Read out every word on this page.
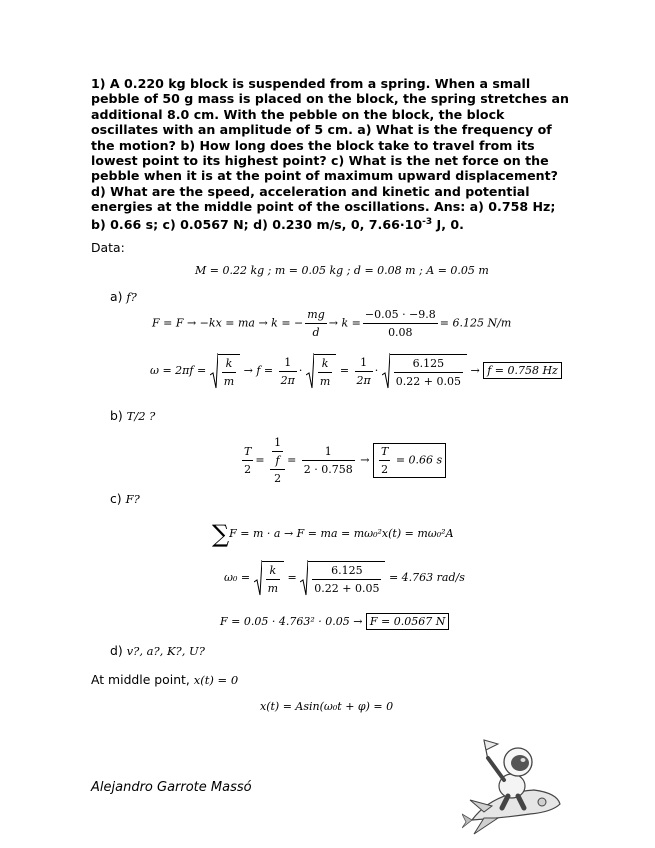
1) A 0.220 kg block is suspended from a spring. When a small pebble of 50 g mass is placed on the block, the spring stretches an additional 8.0 cm. With the pebble on the block, the block oscillates with an amplitude of 5 cm. a) What is the frequency of the motion? b) How long does the block take to travel from its lowest point to its highest point? c) What is the net force on the pebble when it is at the point of maximum upward displacement? d) What are the speed, acceleration and kinetic and potential energies at the middle point of the oscillations. Ans: a) 0.758 Hz; b) 0.66 s; c) 0.0567 N; d) 0.230 m/s, 0, $7.66\cdot 10^{-3}$ J, 0.
Data:
M = 0.22 kg ; m = 0.05 kg ; d = 0.08 m ; A = 0.05 m
a) f?
F = F → −kx = ma → k = − $\frac{mg}{d} \to k = \frac{-0.05 \cdot -9.8}{0.08} = 6.125$ N/m
$\omega = 2\pi f = \frac{k}{m} \to f = \frac{1}{2\pi} \cdot \frac{k}{m} = \frac{1}{2\pi} \cdot \frac{6.125}{0.22 + 0.05} \to f = 0.758$ Hz
b) T/2 ?
$\frac{T}{2} = \frac{\frac{1}{f}}{2} = \frac{1}{2 \cdot 0.758} \to \frac{T}{2} = 0.66$ s
c) F?
∑F = m · a → F = ma = mω₀²x(t) = mω₀²A
$\omega_0 = \frac{k}{m} = \frac{6.125}{0.22 + 0.05} = 4.763$ rad/s
F = 0.05 · 4.763² · 0.05 → F = 0.0567 N
d) v?, a?, K?, U?
At middle point, x(t) = 0
x(t) = Asin(ω₀t + φ) = 0
Alejandro Garrote Massó
